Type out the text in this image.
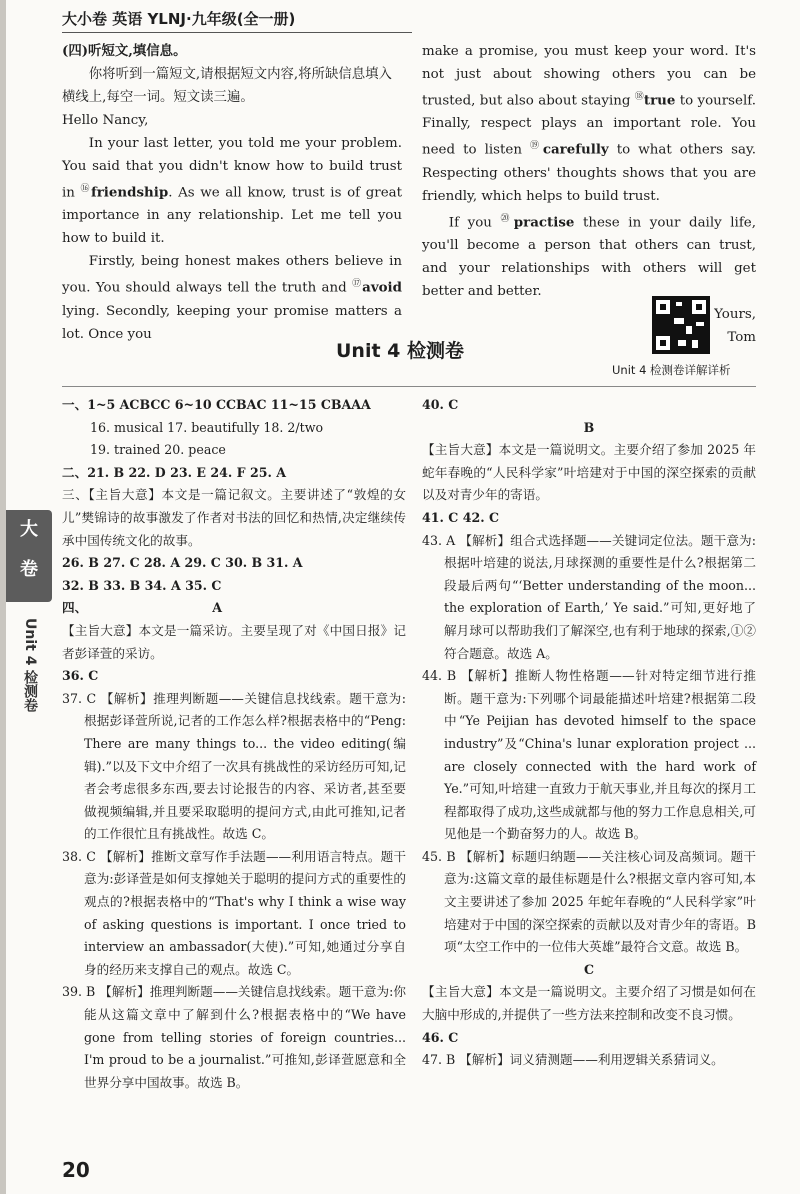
大小卷 英语 YLNJ·九年级(全一册)

(四)听短文,填信息。

你将听到一篇短文,请根据短文内容,将所缺信息填入横线上,每空一词。短文读三遍。

Hello Nancy,

In your last letter, you told me your problem. You said that you didn't know how to build trust in ⑯friendship. As we all know, trust is of great importance in any relationship. Let me tell you how to build it.

Firstly, being honest makes others believe in you. You should always tell the truth and ⑰avoid lying. Secondly, keeping your promise matters a lot. Once you

make a promise, you must keep your word. It's not just about showing others you can be trusted, but also about staying ⑱true to yourself. Finally, respect plays an important role. You need to listen ⑲carefully to what others say. Respecting others' thoughts shows that you are friendly, which helps to build trust.

If you ⑳practise these in your daily life, you'll become a person that others can trust, and your relationships with others will get better and better.

Yours,

Tom

Unit 4 检测卷详解详析
Unit 4 检测卷
大
卷
Unit 4 检测卷

一、1~5 ACBCC 6~10 CCBAC 11~15 CBAAA

16. musical 17. beautifully 18. 2/two

19. trained 20. peace

二、21. B 22. D 23. E 24. F 25. A

三、【主旨大意】本文是一篇记叙文。主要讲述了“敦煌的女儿”樊锦诗的故事激发了作者对书法的回忆和热情,决定继续传承中国传统文化的故事。

26. B 27. C 28. A 29. C 30. B 31. A

32. B 33. B 34. A 35. C

四、	A

【主旨大意】本文是一篇采访。主要呈现了对《中国日报》记者彭译萱的采访。

36. C

37. C 【解析】推理判断题——关键信息找线索。题干意为:根据彭译萱所说,记者的工作怎么样?根据表格中的“Peng: There are many things to... the video editing(编辑).”以及下文中介绍了一次具有挑战性的采访经历可知,记者会考虑很多东西,要去讨论报告的内容、采访者,甚至要做视频编辑,并且要采取聪明的提问方式,由此可推知,记者的工作很忙且有挑战性。故选 C。

38. C 【解析】推断文章写作手法题——利用语言特点。题干意为:彭译萱是如何支撑她关于聪明的提问方式的重要性的观点的?根据表格中的“That's why I think a wise way of asking questions is important. I once tried to interview an ambassador(大使).”可知,她通过分享自身的经历来支撑自己的观点。故选 C。

39. B 【解析】推理判断题——关键信息找线索。题干意为:你能从这篇文章中了解到什么?根据表格中的“We have gone from telling stories of foreign countries... I'm proud to be a journalist.”可推知,彭译萱愿意和全世界分享中国故事。故选 B。

40. C

B

【主旨大意】本文是一篇说明文。主要介绍了参加 2025 年蛇年春晚的“人民科学家”叶培建对于中国的深空探索的贡献以及对青少年的寄语。

41. C 42. C

43. A 【解析】组合式选择题——关键词定位法。题干意为:根据叶培建的说法,月球探测的重要性是什么?根据第二段最后两句“‘Better understanding of the moon... the exploration of Earth,’ Ye said.”可知,更好地了解月球可以帮助我们了解深空,也有利于地球的探索,①②符合题意。故选 A。

44. B 【解析】推断人物性格题——针对特定细节进行推断。题干意为:下列哪个词最能描述叶培建?根据第二段中“Ye Peijian has devoted himself to the space industry”及“China's lunar exploration project ... are closely connected with the hard work of Ye.”可知,叶培建一直致力于航天事业,并且每次的探月工程都取得了成功,这些成就都与他的努力工作息息相关,可见他是一个勤奋努力的人。故选 B。

45. B 【解析】标题归纳题——关注核心词及高频词。题干意为:这篇文章的最佳标题是什么?根据文章内容可知,本文主要讲述了参加 2025 年蛇年春晚的“人民科学家”叶培建对于中国的深空探索的贡献以及对青少年的寄语。B 项“太空工作中的一位伟大英雄”最符合文意。故选 B。

C

【主旨大意】本文是一篇说明文。主要介绍了习惯是如何在大脑中形成的,并提供了一些方法来控制和改变不良习惯。

46. C

47. B 【解析】词义猜测题——利用逻辑关系猜词义。

20
